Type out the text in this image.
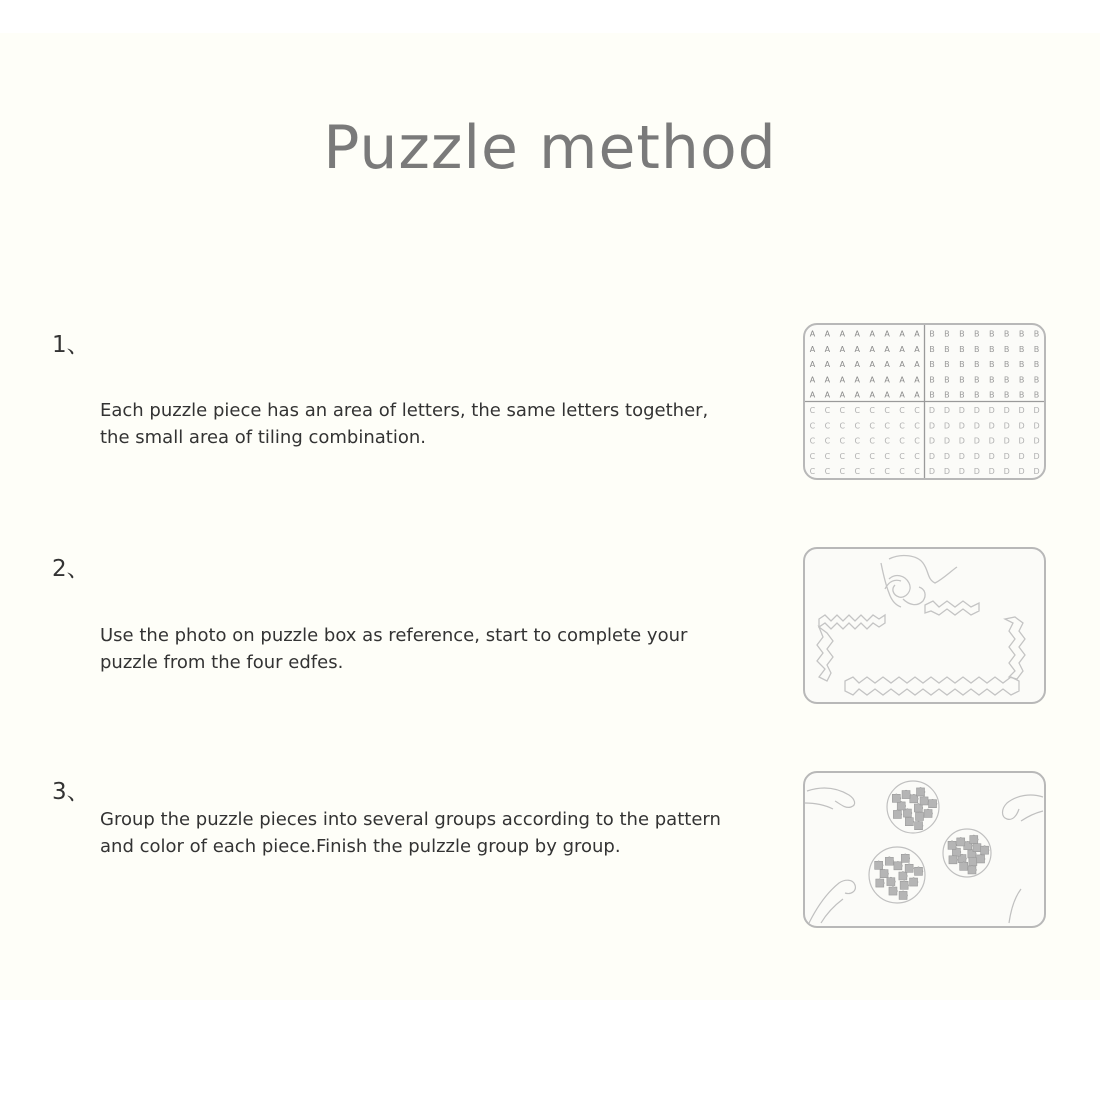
Puzzle method
1、

Each puzzle piece has an area of letters, the same letters together, the small area of tiling combination.

A A A A A A A A B B B B B B B B
A A A A A A A A B B B B B B B B
A A A A A A A A B B B B B B B B
A A A A A A A A B B B B B B B B
A A A A A A A A B B B B B B B B
C C C C C C C C D D D D D D D D
C C C C C C C C D D D D D D D D
C C C C C C C C D D D D D D D D
C C C C C C C C D D D D D D D D
C C C C C C C C D D D D D D D D
2、

Use the photo on puzzle box as reference, start to complete your puzzle from the four edfes.

3、

Group the puzzle pieces into several groups according to the pattern and color of each piece.Finish the pulzzle group by group.
